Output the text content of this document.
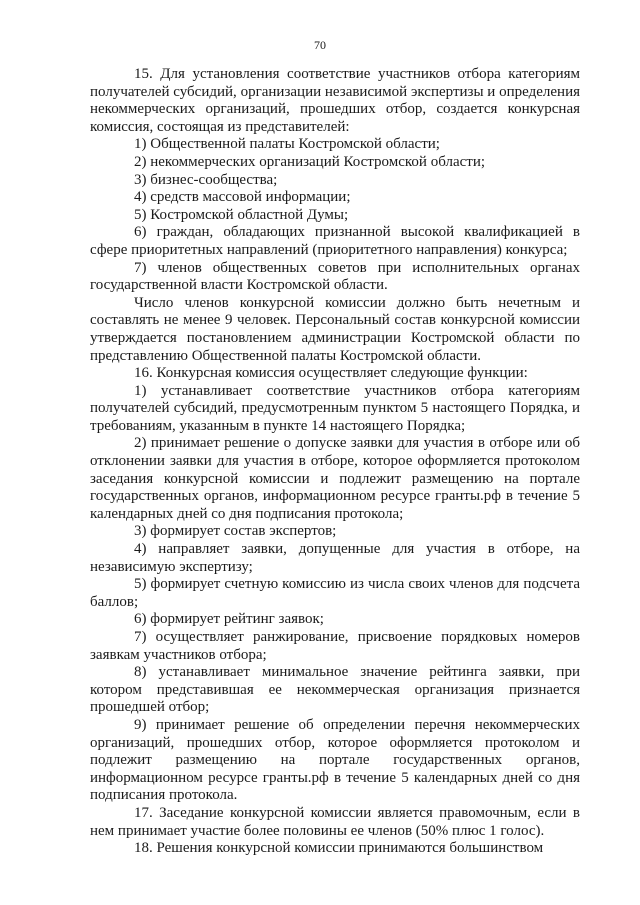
70

15. Для установления соответствие участников отбора категориям получателей субсидий, организации независимой экспертизы и определения некоммерческих организаций, прошедших отбор, создается конкурсная комиссия, состоящая из представителей:

1) Общественной палаты Костромской области;

2) некоммерческих организаций Костромской области;

3) бизнес-сообщества;

4) средств массовой информации;

5) Костромской областной Думы;

6) граждан, обладающих признанной высокой квалификацией в сфере приоритетных направлений (приоритетного направления) конкурса;

7) членов общественных советов при исполнительных органах государственной власти Костромской области.

Число членов конкурсной комиссии должно быть нечетным и составлять не менее 9 человек. Персональный состав конкурсной комиссии утверждается постановлением администрации Костромской области по представлению Общественной палаты Костромской области.

16. Конкурсная комиссия осуществляет следующие функции:

1) устанавливает соответствие участников отбора категориям получателей субсидий, предусмотренным пунктом 5 настоящего Порядка, и требованиям, указанным в пункте 14 настоящего Порядка;

2) принимает решение о допуске заявки для участия в отборе или об отклонении заявки для участия в отборе, которое оформляется протоколом заседания конкурсной комиссии и подлежит размещению на портале государственных органов, информационном ресурсе гранты.рф в течение 5 календарных дней со дня подписания протокола;

3) формирует состав экспертов;

4) направляет заявки, допущенные для участия в отборе, на независимую экспертизу;

5) формирует счетную комиссию из числа своих членов для подсчета баллов;

6) формирует рейтинг заявок;

7) осуществляет ранжирование, присвоение порядковых номеров заявкам участников отбора;

8) устанавливает минимальное значение рейтинга заявки, при котором представившая ее некоммерческая организация признается прошедшей отбор;

9) принимает решение об определении перечня некоммерческих организаций, прошедших отбор, которое оформляется протоколом и подлежит размещению на портале государственных органов, информационном ресурсе гранты.рф в течение 5 календарных дней со дня подписания протокола.

17. Заседание конкурсной комиссии является правомочным, если в нем принимает участие более половины ее членов (50% плюс 1 голос).

18. Решения конкурсной комиссии принимаются большинством
